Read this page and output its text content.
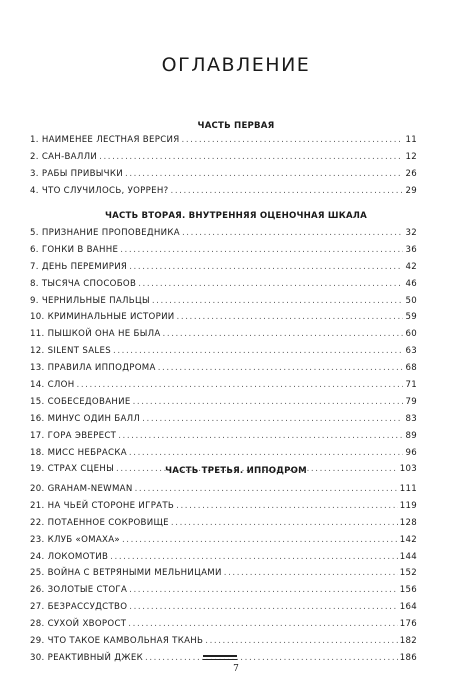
ОГЛАВЛЕНИЕ
ЧАСТЬ ПЕРВАЯ
1. НАИМЕНЕЕ ЛЕСТНАЯ ВЕРСИЯ .....	11
2. САН-ВАЛЛИ .....	12
3. РАБЫ ПРИВЫЧКИ .....	26
4. ЧТО СЛУЧИЛОСЬ, УОРРЕН? .....	29
ЧАСТЬ ВТОРАЯ. ВНУТРЕННЯЯ ОЦЕНОЧНАЯ ШКАЛА
5. ПРИЗНАНИЕ ПРОПОВЕДНИКА .....	32
6. ГОНКИ В ВАННЕ .....	36
7. ДЕНЬ ПЕРЕМИРИЯ .....	42
8. ТЫСЯЧА СПОСОБОВ .....	46
9. ЧЕРНИЛЬНЫЕ ПАЛЬЦЫ .....	50
10. КРИМИНАЛЬНЫЕ ИСТОРИИ .....	59
11. ПЫШКОЙ ОНА НЕ БЫЛА .....	60
12. SILENT SALES .....	63
13. ПРАВИЛА ИППОДРОМА .....	68
14. СЛОН .....	71
15. СОБЕСЕДОВАНИЕ .....	79
16. МИНУС ОДИН БАЛЛ .....	83
17. ГОРА ЭВЕРЕСТ .....	89
18. МИСС НЕБРАСКА .....	96
19. СТРАХ СЦЕНЫ .....	103
ЧАСТЬ ТРЕТЬЯ. ИППОДРОМ
20. GRAHAM-NEWMAN .....	111
21. НА ЧЬЕЙ СТОРОНЕ ИГРАТЬ .....	119
22. ПОТАЕННОЕ СОКРОВИЩЕ .....	128
23. КЛУБ «ОМАХА» .....	142
24. ЛОКОМОТИВ .....	144
25. ВОЙНА С ВЕТРЯНЫМИ МЕЛЬНИЦАМИ .....	152
26. ЗОЛОТЫЕ СТОГА .....	156
27. БЕЗРАССУДСТВО .....	164
28. СУХОЙ ХВОРОСТ .....	176
29. ЧТО ТАКОЕ КАМВОЛЬНАЯ ТКАНЬ .....	182
30. РЕАКТИВНЫЙ ДЖЕК .....	186
7
